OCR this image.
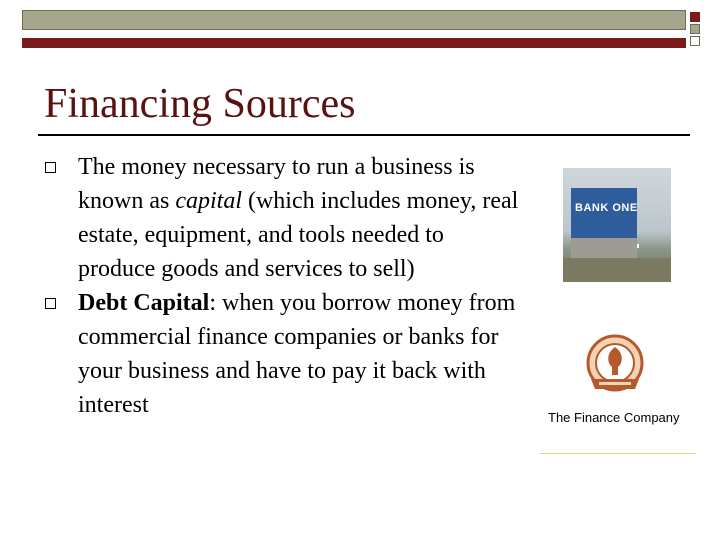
Financing Sources
The money necessary to run a business is known as capital (which includes money, real estate, equipment, and tools needed to produce goods and services to sell)
Debt Capital: when you borrow money from commercial finance companies or banks for your business and have to pay it back with interest
BANK ONE
The Finance Company
